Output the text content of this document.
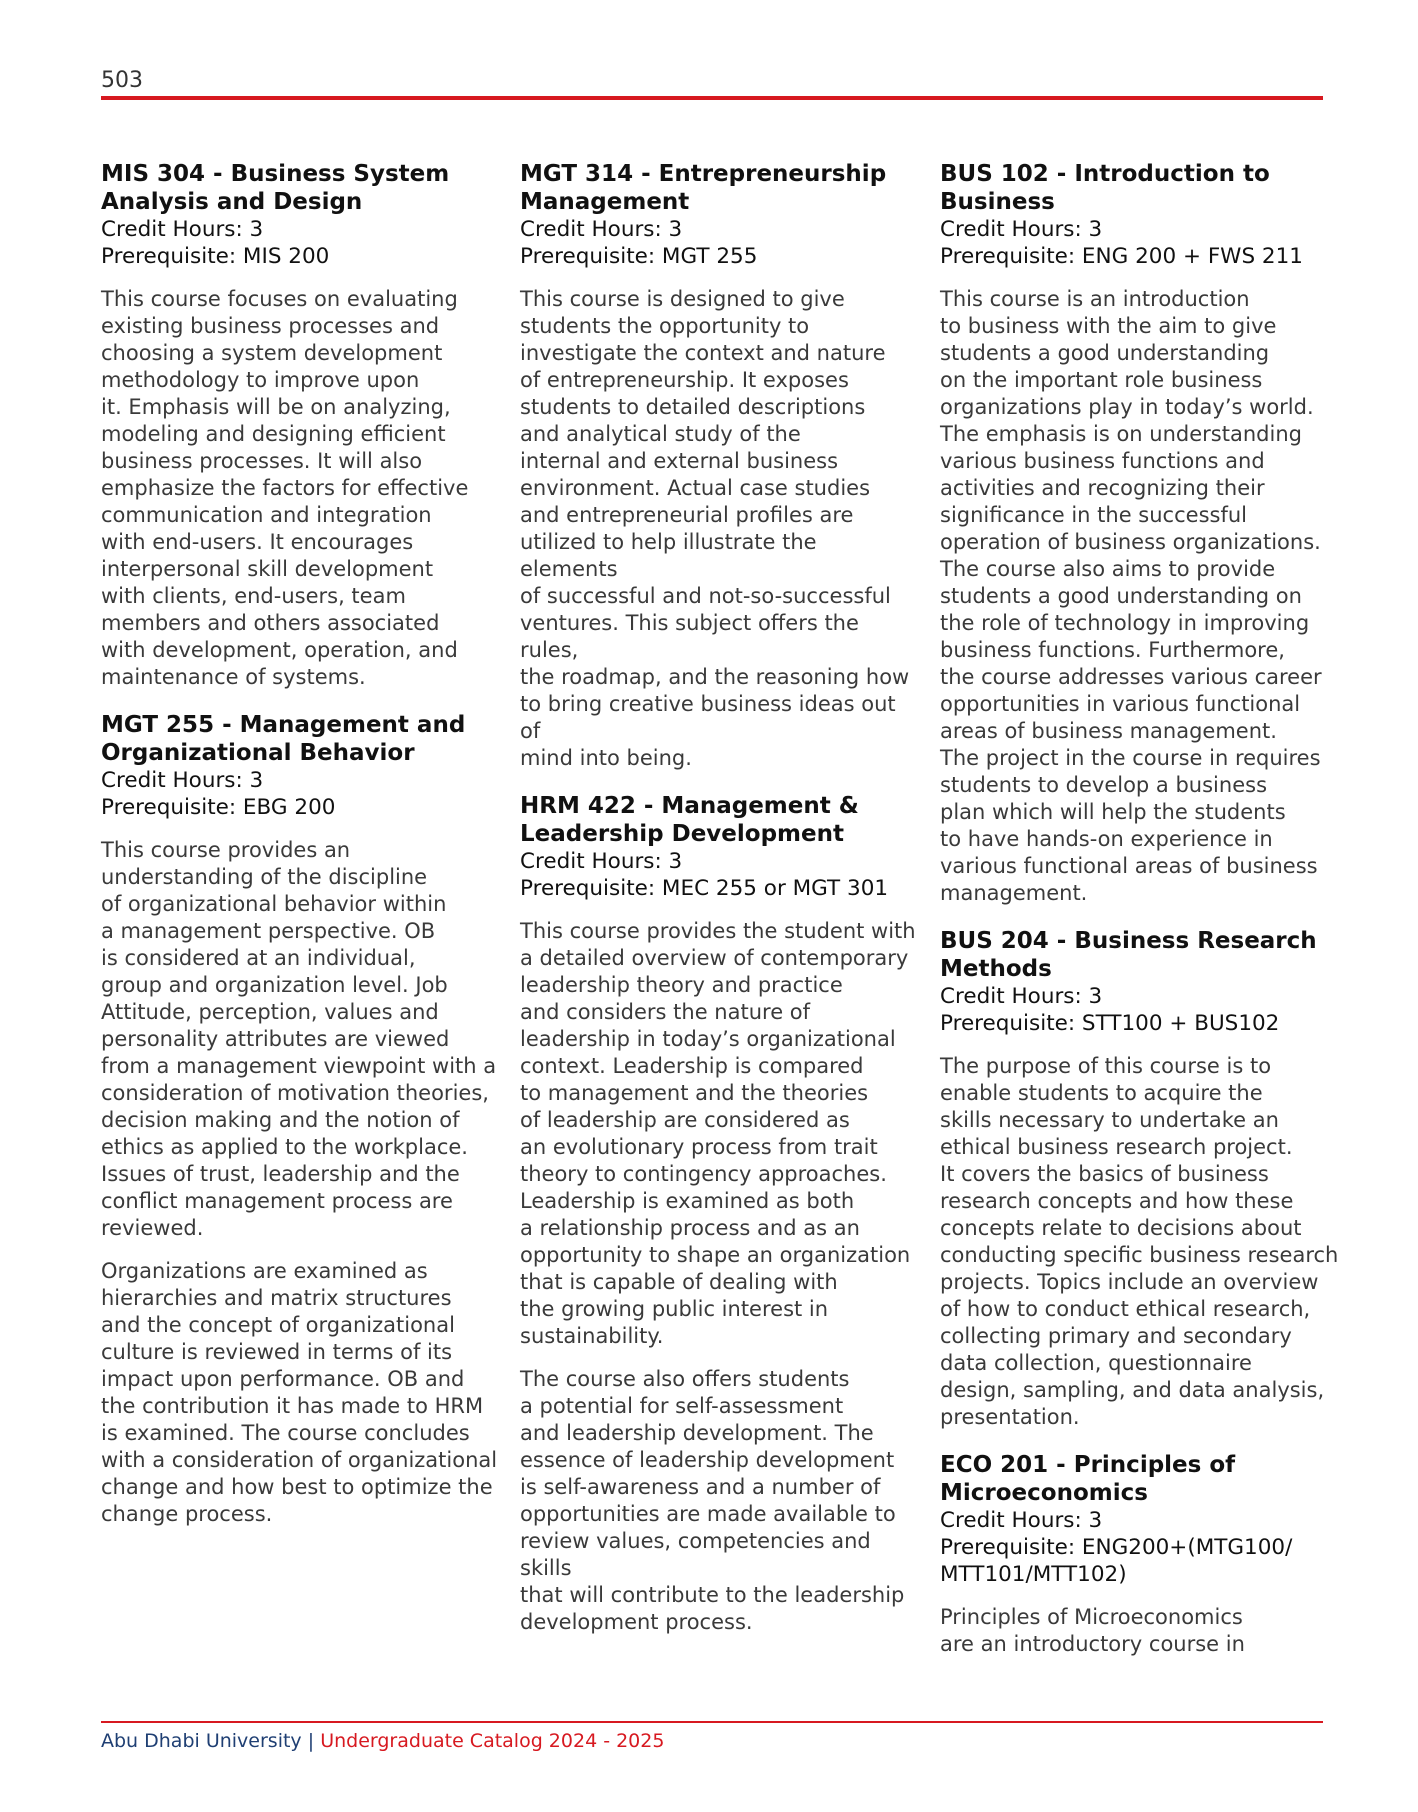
503
MIS 304 - Business System
Analysis and Design

Credit Hours: 3

Prerequisite: MIS 200

This course focuses on evaluating
existing business processes and
choosing a system development
methodology to improve upon
it. Emphasis will be on analyzing,
modeling and designing efficient
business processes. It will also
emphasize the factors for effective
communication and integration
with end-users. It encourages
interpersonal skill development
with clients, end-users, team
members and others associated
with development, operation, and
maintenance of systems.

MGT 255 - Management and
Organizational Behavior

Credit Hours: 3

Prerequisite: EBG 200

This course provides an
understanding of the discipline
of organizational behavior within
a management perspective. OB
is considered at an individual,
group and organization level. Job
Attitude, perception, values and
personality attributes are viewed
from a management viewpoint with a
consideration of motivation theories,
decision making and the notion of
ethics as applied to the workplace.
Issues of trust, leadership and the
conflict management process are
reviewed.

Organizations are examined as
hierarchies and matrix structures
and the concept of organizational
culture is reviewed in terms of its
impact upon performance. OB and
the contribution it has made to HRM
is examined. The course concludes
with a consideration of organizational
change and how best to optimize the
change process.

MGT 314 - Entrepreneurship
Management

Credit Hours: 3

Prerequisite: MGT 255

This course is designed to give
students the opportunity to
investigate the context and nature
of entrepreneurship. It exposes
students to detailed descriptions
and analytical study of the
internal and external business
environment. Actual case studies
and entrepreneurial profiles are
utilized to help illustrate the elements
of successful and not-so-successful
ventures. This subject offers the rules,
the roadmap, and the reasoning how
to bring creative business ideas out of
mind into being.

HRM 422 - Management &
Leadership Development

Credit Hours: 3

Prerequisite: MEC 255 or MGT 301

This course provides the student with
a detailed overview of contemporary
leadership theory and practice
and considers the nature of
leadership in today’s organizational
context. Leadership is compared
to management and the theories
of leadership are considered as
an evolutionary process from trait
theory to contingency approaches.
Leadership is examined as both
a relationship process and as an
opportunity to shape an organization
that is capable of dealing with
the growing public interest in
sustainability.

The course also offers students
a potential for self-assessment
and leadership development. The
essence of leadership development
is self-awareness and a number of
opportunities are made available to
review values, competencies and skills
that will contribute to the leadership
development process.

BUS 102 - Introduction to
Business

Credit Hours: 3

Prerequisite: ENG 200 + FWS 211

This course is an introduction
to business with the aim to give
students a good understanding
on the important role business
organizations play in today’s world.
The emphasis is on understanding
various business functions and
activities and recognizing their
significance in the successful
operation of business organizations.
The course also aims to provide
students a good understanding on
the role of technology in improving
business functions. Furthermore,
the course addresses various career
opportunities in various functional
areas of business management.
The project in the course in requires
students to develop a business
plan which will help the students
to have hands-on experience in
various functional areas of business
management.

BUS 204 - Business Research
Methods

Credit Hours: 3

Prerequisite: STT100 + BUS102

The purpose of this course is to
enable students to acquire the
skills necessary to undertake an
ethical business research project.
It covers the basics of business
research concepts and how these
concepts relate to decisions about
conducting specific business research
projects. Topics include an overview
of how to conduct ethical research,
collecting primary and secondary
data collection, questionnaire
design, sampling, and data analysis,
presentation.

ECO 201 - Principles of
Microeconomics

Credit Hours: 3

Prerequisite: ENG200+(MTG100/
MTT101/MTT102)

Principles of Microeconomics
are an introductory course in

Abu Dhabi University | Undergraduate Catalog 2024 - 2025
